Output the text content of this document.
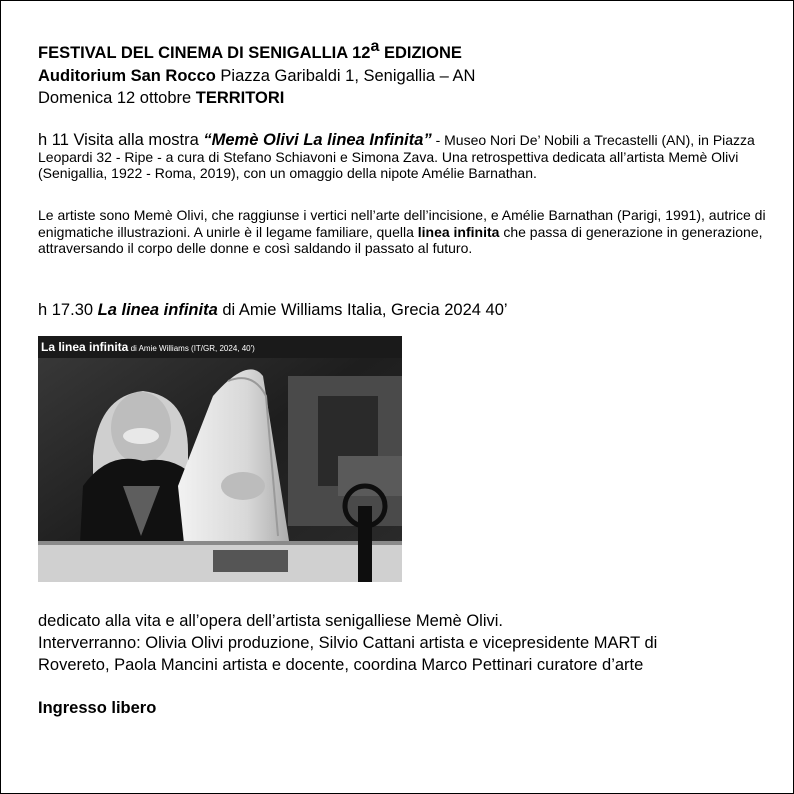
FESTIVAL DEL CINEMA DI SENIGALLIA 12$^a$ EDIZIONE
Auditorium San Rocco Piazza Garibaldi 1, Senigallia – AN
Domenica 12 ottobre TERRITORI
h 11 Visita alla mostra “Memè Olivi La linea Infinita” - Museo Nori De’ Nobili a Trecastelli (AN), in Piazza Leopardi 32 - Ripe - a cura di Stefano Schiavoni e Simona Zava. Una retrospettiva dedicata all’artista Memè Olivi (Senigallia, 1922 - Roma, 2019), con un omaggio della nipote Amélie Barnathan.
Le artiste sono Memè Olivi, che raggiunse i vertici nell’arte dell’incisione, e Amélie Barnathan (Parigi, 1991), autrice di enigmatiche illustrazioni. A unirle è il legame familiare, quella linea infinita che passa di generazione in generazione, attraversando il corpo delle donne e così saldando il passato al futuro.
h 17.30 La linea infinita di Amie Williams Italia, Grecia 2024 40’
La linea infinita di Amie Williams (IT/GR, 2024, 40')
dedicato alla vita e all’opera dell’artista senigalliese Memè Olivi.
Interverranno: Olivia Olivi produzione, Silvio Cattani artista e vicepresidente MART di
Rovereto, Paola Mancini artista e docente, coordina Marco Pettinari curatore d’arte
Ingresso libero
